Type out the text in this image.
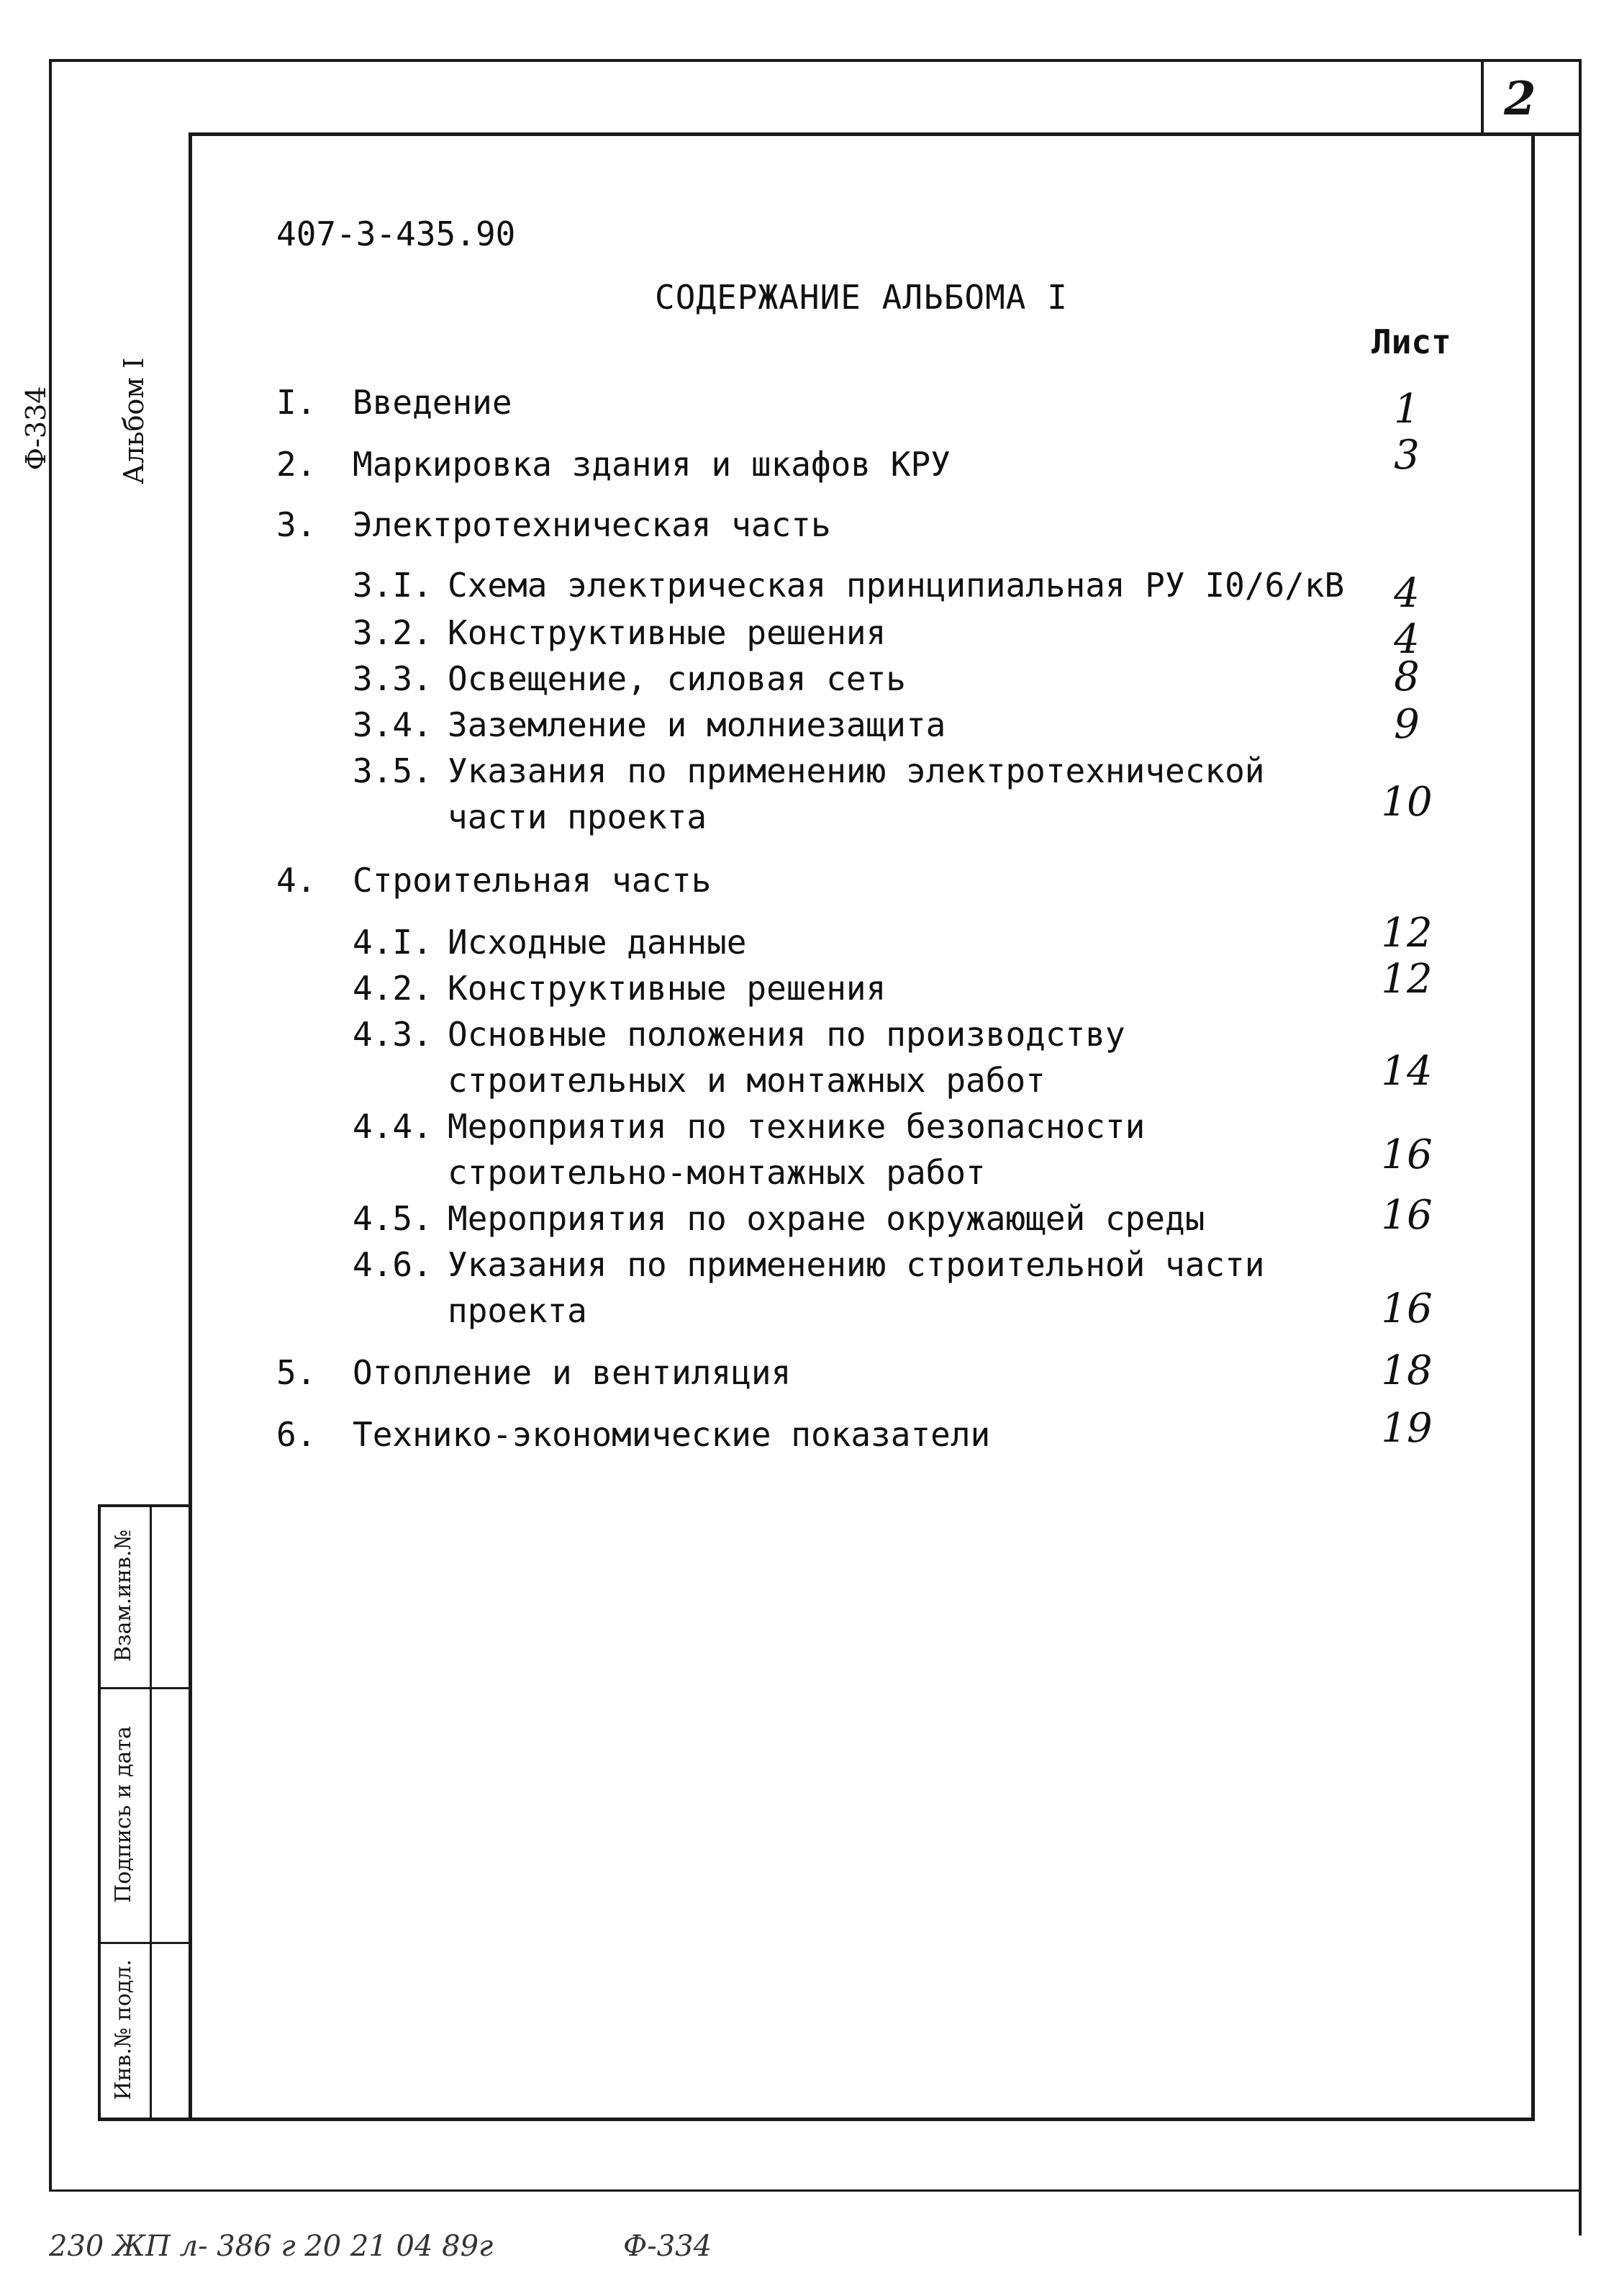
2
Ф-334 Альбом I
Взам.инв.№
Подпись и дата
Инв.№ подл.
407-3-435.90
СОДЕРЖАНИЕ АЛЬБОМА I
Лист
I. Введение	1
2. Маркировка здания и шкафов КРУ	3
3. Электротехническая часть
3.I. Схема электрическая принципиальная РУ I0/6/кВ	4
3.2. Конструктивные решения	4
3.3. Освещение, силовая сеть	8
3.4. Заземление и молниезащита	9
3.5. Указания по применению электротехнической
части проекта	10
4. Строительная часть
4.I. Исходные данные	12
4.2. Конструктивные решения	12
4.3. Основные положения по производству
строительных и монтажных работ	14
4.4. Мероприятия по технике безопасности
строительно-монтажных работ	16
4.5. Мероприятия по охране окружающей среды	16
4.6. Указания по применению строительной части
проекта	16
5. Отопление и вентиляция	18
6. Технико-экономические показатели	19
230 ЖП л- 386 г 20 21 04 89г	Ф-334
